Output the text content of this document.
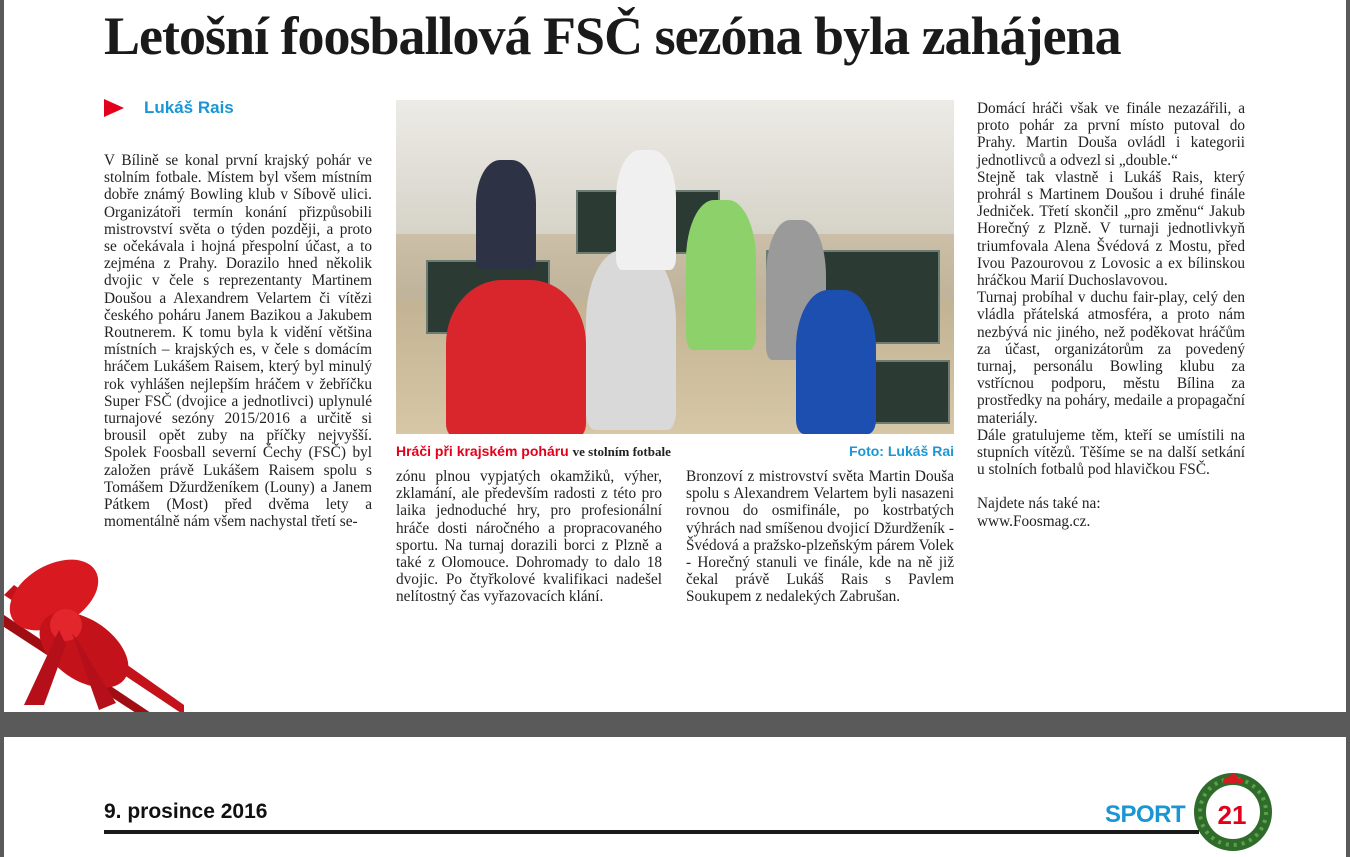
Letošní foosballová FSČ sezóna byla zahájena
Lukáš Rais

V Bílině se konal první krajský pohár ve stolním fotbale. Místem byl všem místním dobře známý Bowling klub v Síbově ulici. Organizátoři termín konání přizpůsobili mistrovství světa o týden později, a proto se očekávala i hojná přespolní účast, a to zejména z Prahy. Dorazilo hned několik dvojic v čele s reprezentanty Martinem Doušou a Alexandrem Velartem či vítězi českého poháru Janem Bazikou a Jakubem Routnerem. K tomu byla k vidění většina místních – krajských es, v čele s domácím hráčem Lukášem Raisem, který byl minulý rok vyhlášen nejlepším hráčem v žebříčku Super FSČ (dvojice a jednotlivci) uplynulé turnajové sezóny 2015/2016 a určitě si brousil opět zuby na příčky nejvyšší. Spolek Foosball severní Čechy (FSČ) byl založen právě Lukášem Raisem spolu s Tomášem Džurdženíkem (Louny) a Janem Pátkem (Most) před dvěma lety a momentálně nám všem nachystal třetí se-

Hráči při krajském poháru ve stolním fotbale	Foto: Lukáš Rai

zónu plnou vypjatých okamžiků, výher, zklamání, ale především radosti z této pro laika jednoduché hry, pro profesionální hráče dosti náročného a propracovaného sportu. Na turnaj dorazili borci z Plzně a také z Olomouce. Dohromady to dalo 18 dvojic. Po čtyřkolové kvalifikaci nadešel nelítostný čas vyřazovacích klání.

Bronzoví z mistrovství světa Martin Douša spolu s Alexandrem Velartem byli nasazeni rovnou do osmifinále, po kostrbatých výhrách nad smíšenou dvojicí Džurdženík - Švédová a pražsko-plzeňským párem Volek - Horečný stanuli ve finále, kde na ně již čekal právě Lukáš Rais s Pavlem Soukupem z nedalekých Zabrušan.

Domácí hráči však ve finále nezazářili, a proto pohár za první místo putoval do Prahy. Martin Douša ovládl i kategorii jednotlivců a odvezl si „double.“

Stejně tak vlastně i Lukáš Rais, který prohrál s Martinem Doušou i druhé finále Jedniček. Třetí skončil „pro změnu“ Jakub Horečný z Plzně. V turnaji jednotlivkyň triumfovala Alena Švédová z Mostu, před Ivou Pazourovou z Lovosic a ex bílinskou hráčkou Marií Duchoslavovou.

Turnaj probíhal v duchu fair-play, celý den vládla přátelská atmosféra, a proto nám nezbývá nic jiného, než poděkovat hráčům za účast, organizátorům za povedený turnaj, personálu Bowling klubu za vstřícnou podporu, městu Bílina za prostředky na poháry, medaile a propagační materiály.

Dále gratulujeme těm, kteří se umístili na stupních vítězů. Těšíme se na další setkání u stolních fotbalů pod hlavičkou FSČ.

Najdete nás také na:

www.Foosmag.cz.

9. prosince 2016	SPORT	21
